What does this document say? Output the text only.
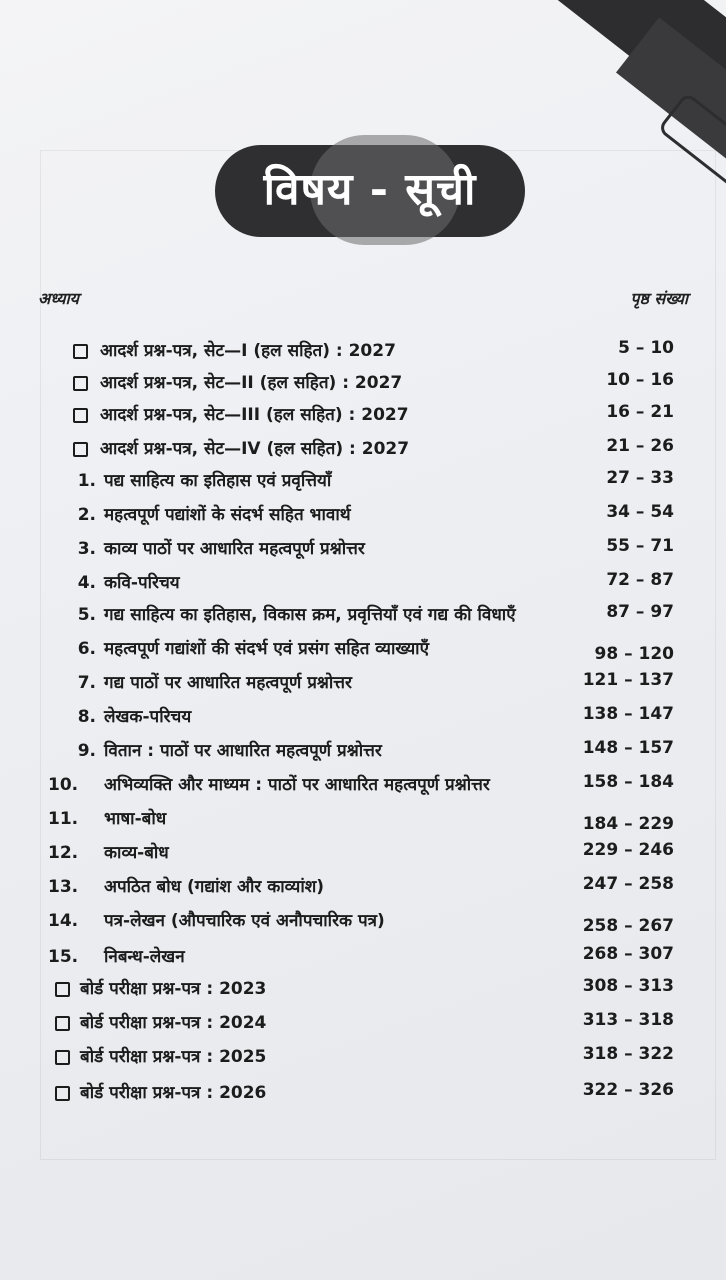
विषय - सूची
अध्याय	पृष्ठ संख्या
आदर्श प्रश्न-पत्र, सेट—I (हल सहित) : 2027	5 – 10
आदर्श प्रश्न-पत्र, सेट—II (हल सहित) : 2027	10 – 16
आदर्श प्रश्न-पत्र, सेट—III (हल सहित) : 2027	16 – 21
आदर्श प्रश्न-पत्र, सेट—IV (हल सहित) : 2027	21 – 26
1. पद्य साहित्य का इतिहास एवं प्रवृत्तियाँ	27 – 33
2. महत्वपूर्ण पद्यांशों के संदर्भ सहित भावार्थ	34 – 54
3. काव्य पाठों पर आधारित महत्वपूर्ण प्रश्नोत्तर	55 – 71
4. कवि-परिचय	72 – 87
5. गद्य साहित्य का इतिहास, विकास क्रम, प्रवृत्तियाँ एवं गद्य की विधाएँ	87 – 97
6. महत्वपूर्ण गद्यांशों की संदर्भ एवं प्रसंग सहित व्याख्याएँ	98 – 120
7. गद्य पाठों पर आधारित महत्वपूर्ण प्रश्नोत्तर	121 – 137
8. लेखक-परिचय	138 – 147
9. वितान : पाठों पर आधारित महत्वपूर्ण प्रश्नोत्तर	148 – 157
10. अभिव्यक्ति और माध्यम : पाठों पर आधारित महत्वपूर्ण प्रश्नोत्तर	158 – 184
11. भाषा-बोध	184 – 229
12. काव्य-बोध	229 – 246
13. अपठित बोध (गद्यांश और काव्यांश)	247 – 258
14. पत्र-लेखन (औपचारिक एवं अनौपचारिक पत्र)	258 – 267
15. निबन्ध-लेखन	268 – 307
बोर्ड परीक्षा प्रश्न-पत्र : 2023	308 – 313
बोर्ड परीक्षा प्रश्न-पत्र : 2024	313 – 318
बोर्ड परीक्षा प्रश्न-पत्र : 2025	318 – 322
बोर्ड परीक्षा प्रश्न-पत्र : 2026	322 – 326
